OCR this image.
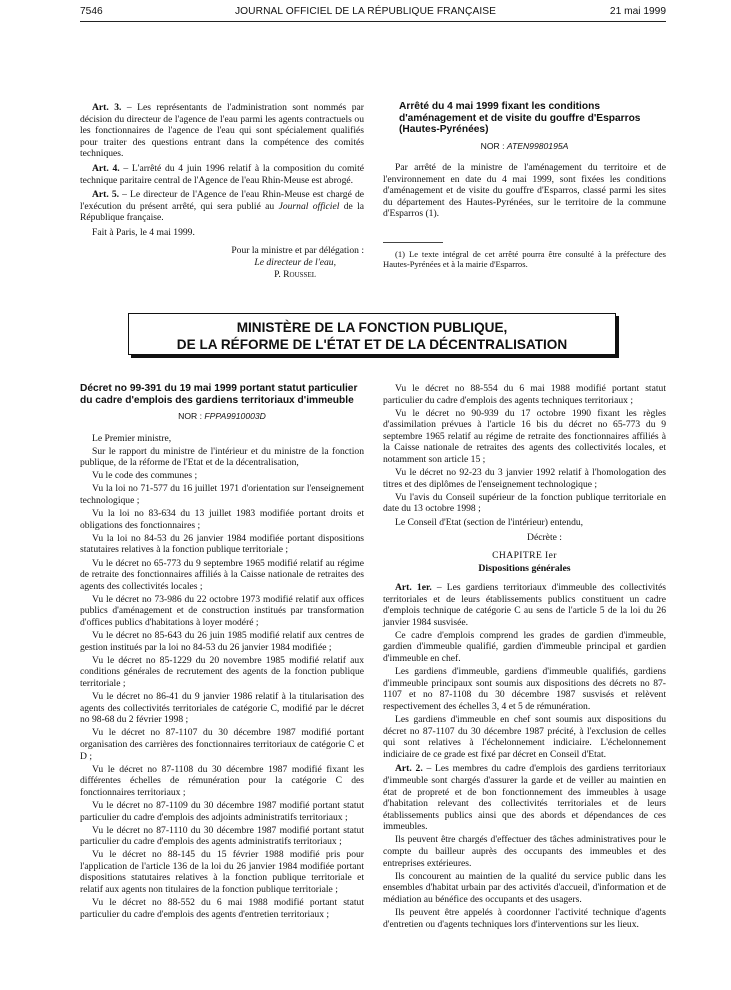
7546	JOURNAL OFFICIEL DE LA RÉPUBLIQUE FRANÇAISE	21 mai 1999

Art. 3. – Les représentants de l'administration sont nommés par décision du directeur de l'agence de l'eau parmi les agents contractuels ou les fonctionnaires de l'agence de l'eau qui sont spécialement qualifiés pour traiter des questions entrant dans la compétence des comités techniques.

Art. 4. – L'arrêté du 4 juin 1996 relatif à la composition du comité technique paritaire central de l'Agence de l'eau Rhin-Meuse est abrogé.

Art. 5. – Le directeur de l'Agence de l'eau Rhin-Meuse est chargé de l'exécution du présent arrêté, qui sera publié au Journal officiel de la République française.

Fait à Paris, le 4 mai 1999.

Pour la ministre et par délégation :
Le directeur de l'eau,
P. Roussel
Arrêté du 4 mai 1999 fixant les conditions d'aménagement et de visite du gouffre d'Esparros (Hautes-Pyrénées)
NOR : ATEN9980195A

Par arrêté de la ministre de l'aménagement du territoire et de l'environnement en date du 4 mai 1999, sont fixées les conditions d'aménagement et de visite du gouffre d'Esparros, classé parmi les sites du département des Hautes-Pyrénées, sur le territoire de la commune d'Esparros (1).

(1) Le texte intégral de cet arrêté pourra être consulté à la préfecture des Hautes-Pyrénées et à la mairie d'Esparros.
MINISTÈRE DE LA FONCTION PUBLIQUE,
DE LA RÉFORME DE L'ÉTAT ET DE LA DÉCENTRALISATION
Décret no 99-391 du 19 mai 1999 portant statut particulier du cadre d'emplois des gardiens territoriaux d'immeuble
NOR : FPPA9910003D

Le Premier ministre,

Sur le rapport du ministre de l'intérieur et du ministre de la fonction publique, de la réforme de l'Etat et de la décentralisation,

Vu le code des communes ;

Vu la loi no 71-577 du 16 juillet 1971 d'orientation sur l'enseignement technologique ;

Vu la loi no 83-634 du 13 juillet 1983 modifiée portant droits et obligations des fonctionnaires ;

Vu la loi no 84-53 du 26 janvier 1984 modifiée portant dispositions statutaires relatives à la fonction publique territoriale ;

Vu le décret no 65-773 du 9 septembre 1965 modifié relatif au régime de retraite des fonctionnaires affiliés à la Caisse nationale de retraites des agents des collectivités locales ;

Vu le décret no 73-986 du 22 octobre 1973 modifié relatif aux offices publics d'aménagement et de construction institués par transformation d'offices publics d'habitations à loyer modéré ;

Vu le décret no 85-643 du 26 juin 1985 modifié relatif aux centres de gestion institués par la loi no 84-53 du 26 janvier 1984 modifiée ;

Vu le décret no 85-1229 du 20 novembre 1985 modifié relatif aux conditions générales de recrutement des agents de la fonction publique territoriale ;

Vu le décret no 86-41 du 9 janvier 1986 relatif à la titularisation des agents des collectivités territoriales de catégorie C, modifié par le décret no 98-68 du 2 février 1998 ;

Vu le décret no 87-1107 du 30 décembre 1987 modifié portant organisation des carrières des fonctionnaires territoriaux de catégorie C et D ;

Vu le décret no 87-1108 du 30 décembre 1987 modifié fixant les différentes échelles de rémunération pour la catégorie C des fonctionnaires territoriaux ;

Vu le décret no 87-1109 du 30 décembre 1987 modifié portant statut particulier du cadre d'emplois des adjoints administratifs territoriaux ;

Vu le décret no 87-1110 du 30 décembre 1987 modifié portant statut particulier du cadre d'emplois des agents administratifs territoriaux ;

Vu le décret no 88-145 du 15 février 1988 modifié pris pour l'application de l'article 136 de la loi du 26 janvier 1984 modifiée portant dispositions statutaires relatives à la fonction publique territoriale et relatif aux agents non titulaires de la fonction publique territoriale ;

Vu le décret no 88-552 du 6 mai 1988 modifié portant statut particulier du cadre d'emplois des agents d'entretien territoriaux ;

Vu le décret no 88-554 du 6 mai 1988 modifié portant statut particulier du cadre d'emplois des agents techniques territoriaux ;

Vu le décret no 90-939 du 17 octobre 1990 fixant les règles d'assimilation prévues à l'article 16 bis du décret no 65-773 du 9 septembre 1965 relatif au régime de retraite des fonctionnaires affiliés à la Caisse nationale de retraites des agents des collectivités locales, et notamment son article 15 ;

Vu le décret no 92-23 du 3 janvier 1992 relatif à l'homologation des titres et des diplômes de l'enseignement technologique ;

Vu l'avis du Conseil supérieur de la fonction publique territoriale en date du 13 octobre 1998 ;

Le Conseil d'Etat (section de l'intérieur) entendu,

Décrète :
CHAPITRE Ier
Dispositions générales

Art. 1er. – Les gardiens territoriaux d'immeuble des collectivités territoriales et de leurs établissements publics constituent un cadre d'emplois technique de catégorie C au sens de l'article 5 de la loi du 26 janvier 1984 susvisée.

Ce cadre d'emplois comprend les grades de gardien d'immeuble, gardien d'immeuble qualifié, gardien d'immeuble principal et gardien d'immeuble en chef.

Les gardiens d'immeuble, gardiens d'immeuble qualifiés, gardiens d'immeuble principaux sont soumis aux dispositions des décrets no 87-1107 et no 87-1108 du 30 décembre 1987 susvisés et relèvent respectivement des échelles 3, 4 et 5 de rémunération.

Les gardiens d'immeuble en chef sont soumis aux dispositions du décret no 87-1107 du 30 décembre 1987 précité, à l'exclusion de celles qui sont relatives à l'échelonnement indiciaire. L'échelonnement indiciaire de ce grade est fixé par décret en Conseil d'Etat.

Art. 2. – Les membres du cadre d'emplois des gardiens territoriaux d'immeuble sont chargés d'assurer la garde et de veiller au maintien en état de propreté et de bon fonctionnement des immeubles à usage d'habitation relevant des collectivités territoriales et de leurs établissements publics ainsi que des abords et dépendances de ces immeubles.

Ils peuvent être chargés d'effectuer des tâches administratives pour le compte du bailleur auprès des occupants des immeubles et des entreprises extérieures.

Ils concourent au maintien de la qualité du service public dans les ensembles d'habitat urbain par des activités d'accueil, d'information et de médiation au bénéfice des occupants et des usagers.

Ils peuvent être appelés à coordonner l'activité technique d'agents d'entretien ou d'agents techniques lors d'interventions sur les lieux.
